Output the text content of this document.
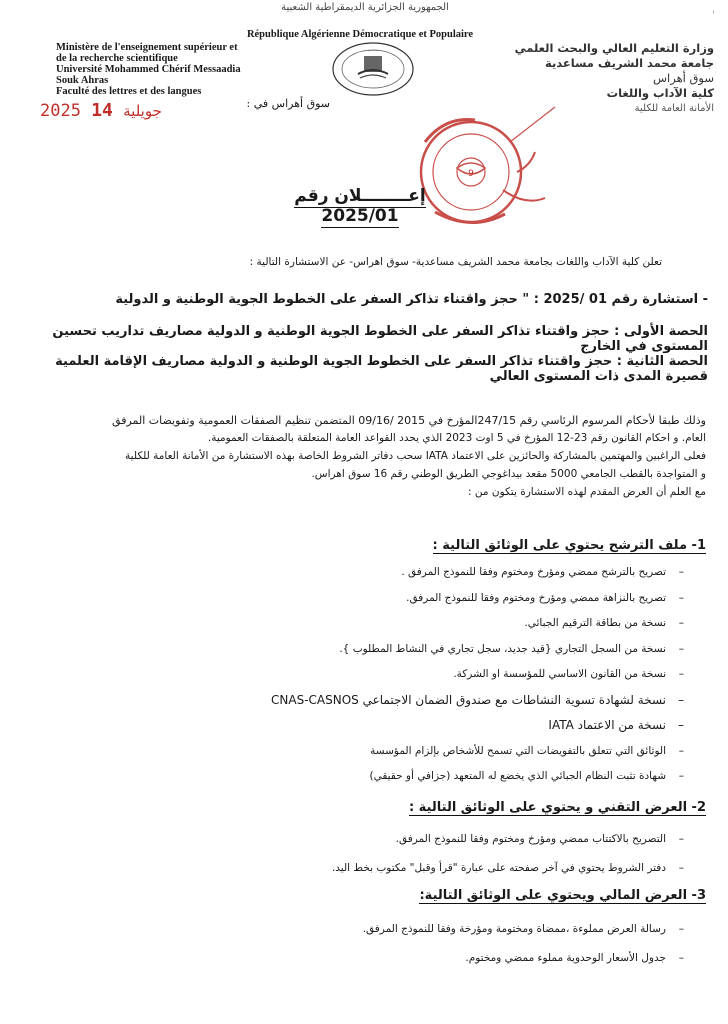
الجمهورية الجزائرية الديمقراطية الشعبية
République Algérienne Démocratique et Populaire
'
Ministère de l'enseignement supérieur et
de la recherche scientifique
Université Mohammed Chérif Messaadia
Souk Ahras
Faculté des lettres et des langues
وزارة التعليم العالي والبحث العلمي
جامعة محمد الشريف مساعدية
سوق أهراس
كلية الآداب واللغات
الأمانة العامة للكلية
.......
سوق أهراس في :
2025	جويلية 14
9
إعــــــــلان رقم 2025/01
تعلن كلية الآداب واللغات بجامعة محمد الشريف مساعدية- سوق اهراس- عن الاستشارة التالية :
- استشارة رقم 01 /2025 : " حجز واقتناء تذاكر السفر على الخطوط الجوية الوطنية و الدولية
الحصة الأولى : حجز واقتناء تذاكر السفر على الخطوط الجوية الوطنية و الدولية مصاريف تداريب تحسين المستوى في الخارج
الحصة الثانية : حجز واقتناء تذاكر السفر على الخطوط الجوية الوطنية و الدولية مصاريف الإقامة العلمية قصيرة المدى ذات المستوى العالي

وذلك طبقا لأحكام المرسوم الرئاسي رقم 247/15المؤرخ في 2015 /09/16 المتضمن تنظيم الصفقات العمومية وتفويضات المرفق

العام. و احكام القانون رقم 23-12 المؤرخ في 5 اوت 2023 الذي يحدد القواعد العامة المتعلقة بالصفقات العمومية.

فعلى الراغبين والمهتمين بالمشاركة والحائزين على الاعتماد IATA سحب دفاتر الشروط الخاصة بهذه الاستشارة من الأمانة العامة للكلية

و المتواجدة بالقطب الجامعي 5000 مقعد بيداغوجي الطريق الوطني رقم 16 سوق اهراس.

مع العلم أن العرض المقدم لهذه الاستشارة يتكون من :

1- ملف الترشح يحتوي على الوثائق التالية :
– تصريح بالترشح ممضي ومؤرخ ومختوم وفقا للنموذج المرفق .
– تصريح بالنزاهة ممضي ومؤرخ ومختوم وفقا للنموذج المرفق.
– نسخة من بطاقة الترقيم الجبائي.
– نسخة من السجل التجاري {قيد جديد، سجل تجاري في النشاط المطلوب }.
– نسخة من القانون الاساسي للمؤسسة او الشركة.
– نسخة لشهادة تسوية النشاطات مع صندوق الضمان الاجتماعي CNAS-CASNOS
– نسخة من الاعتماد IATA
– الوثائق التي تتعلق بالتفويضات التي تسمح للأشخاص بإلزام المؤسسة
– شهادة تثبت النظام الجبائي الذي يخضع له المتعهد (جزافي أو حقيقي)
2- العرض التقني و يحتوي على الوثائق التالية :
– التصريح بالاكتتاب ممضي ومؤرخ ومختوم وفقا للنموذج المرفق.
– دفتر الشروط يحتوي في آخر صفحته على عبارة "قرأ وقبل" مكتوب بخط اليد.
3- العرض المالي ويحتوي على الوثائق التالية:
– رسالة العرض مملوءة ،ممضاة ومختومة ومؤرخة وفقا للنموذج المرفق.
– جدول الأسعار الوحدوية مملوء ممضي ومختوم.
